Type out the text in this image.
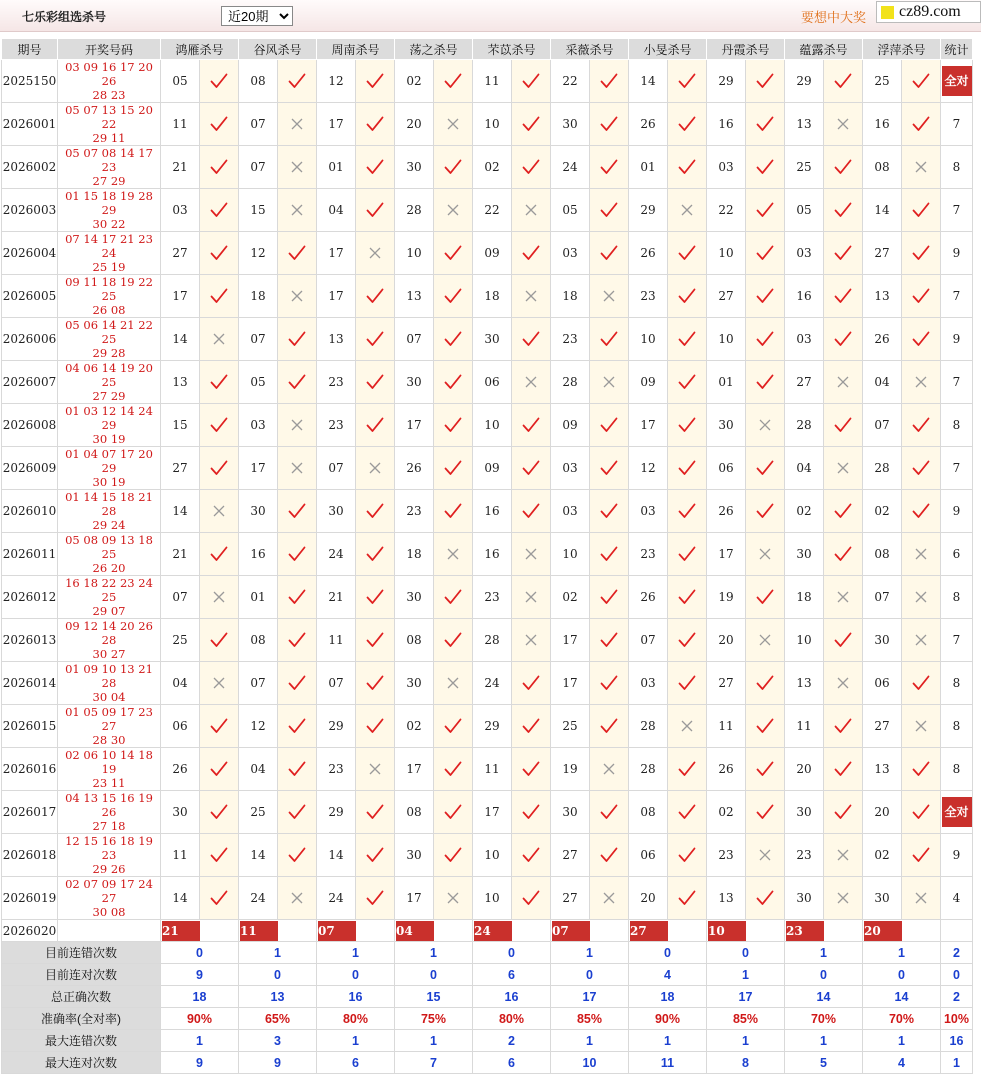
七乐彩组选杀号
近20期	要想中大奖	cz89.com
期号	开奖号码	鸿雁杀号		谷风杀号		周南杀号		荡之杀号		芣苡杀号		采薇杀号		小旻杀号		丹霞杀号		蕴露杀号		浮萍杀号		统计
2025150	03 09 16 17 20 26
28 23	05		08		12		02		11		22		14		29		29		25		全对

2026001	05 07 13 15 20 22
29 11	11		07		17		20		10		30		26		16		13		16		7
2026002	05 07 08 14 17 23
27 29	21		07		01		30		02		24		01		03		25		08		8
2026003	01 15 18 19 28 29
30 22	03		15		04		28		22		05		29		22		05		14		7
2026004	07 14 17 21 23 24
25 19	27		12		17		10		09		03		26		10		03		27		9
2026005	09 11 18 19 22 25
26 08	17		18		17		13		18		18		23		27		16		13		7
2026006	05 06 14 21 22 25
29 28	14		07		13		07		30		23		10		10		03		26		9
2026007	04 06 14 19 20 25
27 29	13		05		23		30		06		28		09		01		27		04		7
2026008	01 03 12 14 24 29
30 19	15		03		23		17		10		09		17		30		28		07		8
2026009	01 04 07 17 20 29
30 19	27		17		07		26		09		03		12		06		04		28		7
2026010	01 14 15 18 21 28
29 24	14		30		30		23		16		03		03		26		02		02		9
2026011	05 08 09 13 18 25
26 20	21		16		24		18		16		10		23		17		30		08		6
2026012	16 18 22 23 24 25
29 07	07		01		21		30		23		02		26		19		18		07		8
2026013	09 12 14 20 26 28
30 27	25		08		11		08		28		17		07		20		10		30		7
2026014	01 09 10 13 21 28
30 04	04		07		07		30		24		17		03		27		13		06		8
2026015	01 05 09 17 23 27
28 30	06		12		29		02		29		25		28		11		11		27		8
2026016	02 06 10 14 18 19
23 11	26		04		23		17		11		19		28		26		20		13		8
2026017	04 13 15 16 19 26
27 18	30		25		29		08		17		30		08		02		30		20		全对

2026018	12 15 16 18 19 23
29 26	11		14		14		30		10		27		06		23		23		02		9
2026019	02 07 09 17 24 27
30 08	14		24		24		17		10		27		20		13		30		30		4
2026020	当前期杀号	21		11		07		04		24		07		27		10		23		20		

目前连错次数		0		1		1		1		0		1		0		0		1		1		2
目前连对次数		9		0		0		0		6		0		4		1		0		0		0
总正确次数		18		13		16		15		16		17		18		17		14		14		2
准确率(全对率)		90%		65%		80%		75%		80%		85%		90%		85%		70%		70%		10%
最大连错次数		1		3		1		1		2		1		1		1		1		1		16
最大连对次数		9		9		6		7		6		10		11		8		5		4		1
